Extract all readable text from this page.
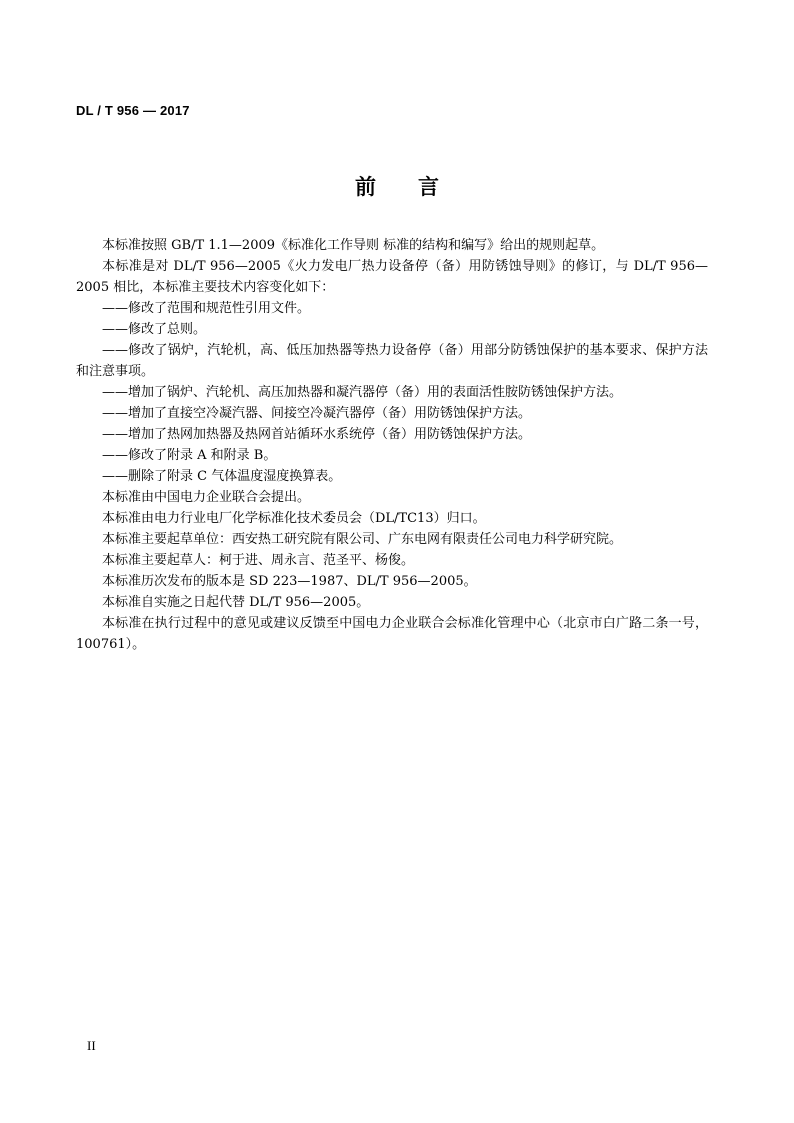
DL / T 956 — 2017
前　　言

本标准按照 GB/T 1.1—2009《标准化工作导则 标准的结构和编写》给出的规则起草。

本标准是对 DL/T 956—2005《火力发电厂热力设备停（备）用防锈蚀导则》的修订，与 DL/T 956—2005 相比，本标准主要技术内容变化如下：

——修改了范围和规范性引用文件。

——修改了总则。

——修改了锅炉，汽轮机，高、低压加热器等热力设备停（备）用部分防锈蚀保护的基本要求、保护方法和注意事项。

——增加了锅炉、汽轮机、高压加热器和凝汽器停（备）用的表面活性胺防锈蚀保护方法。

——增加了直接空冷凝汽器、间接空冷凝汽器停（备）用防锈蚀保护方法。

——增加了热网加热器及热网首站循环水系统停（备）用防锈蚀保护方法。

——修改了附录 A 和附录 B。

——删除了附录 C 气体温度湿度换算表。

本标准由中国电力企业联合会提出。

本标准由电力行业电厂化学标准化技术委员会（DL/TC13）归口。

本标准主要起草单位：西安热工研究院有限公司、广东电网有限责任公司电力科学研究院。

本标准主要起草人：柯于进、周永言、范圣平、杨俊。

本标准历次发布的版本是 SD 223—1987、DL/T 956—2005。

本标准自实施之日起代替 DL/T 956—2005。

本标准在执行过程中的意见或建议反馈至中国电力企业联合会标准化管理中心（北京市白广路二条一号，100761）。

II
